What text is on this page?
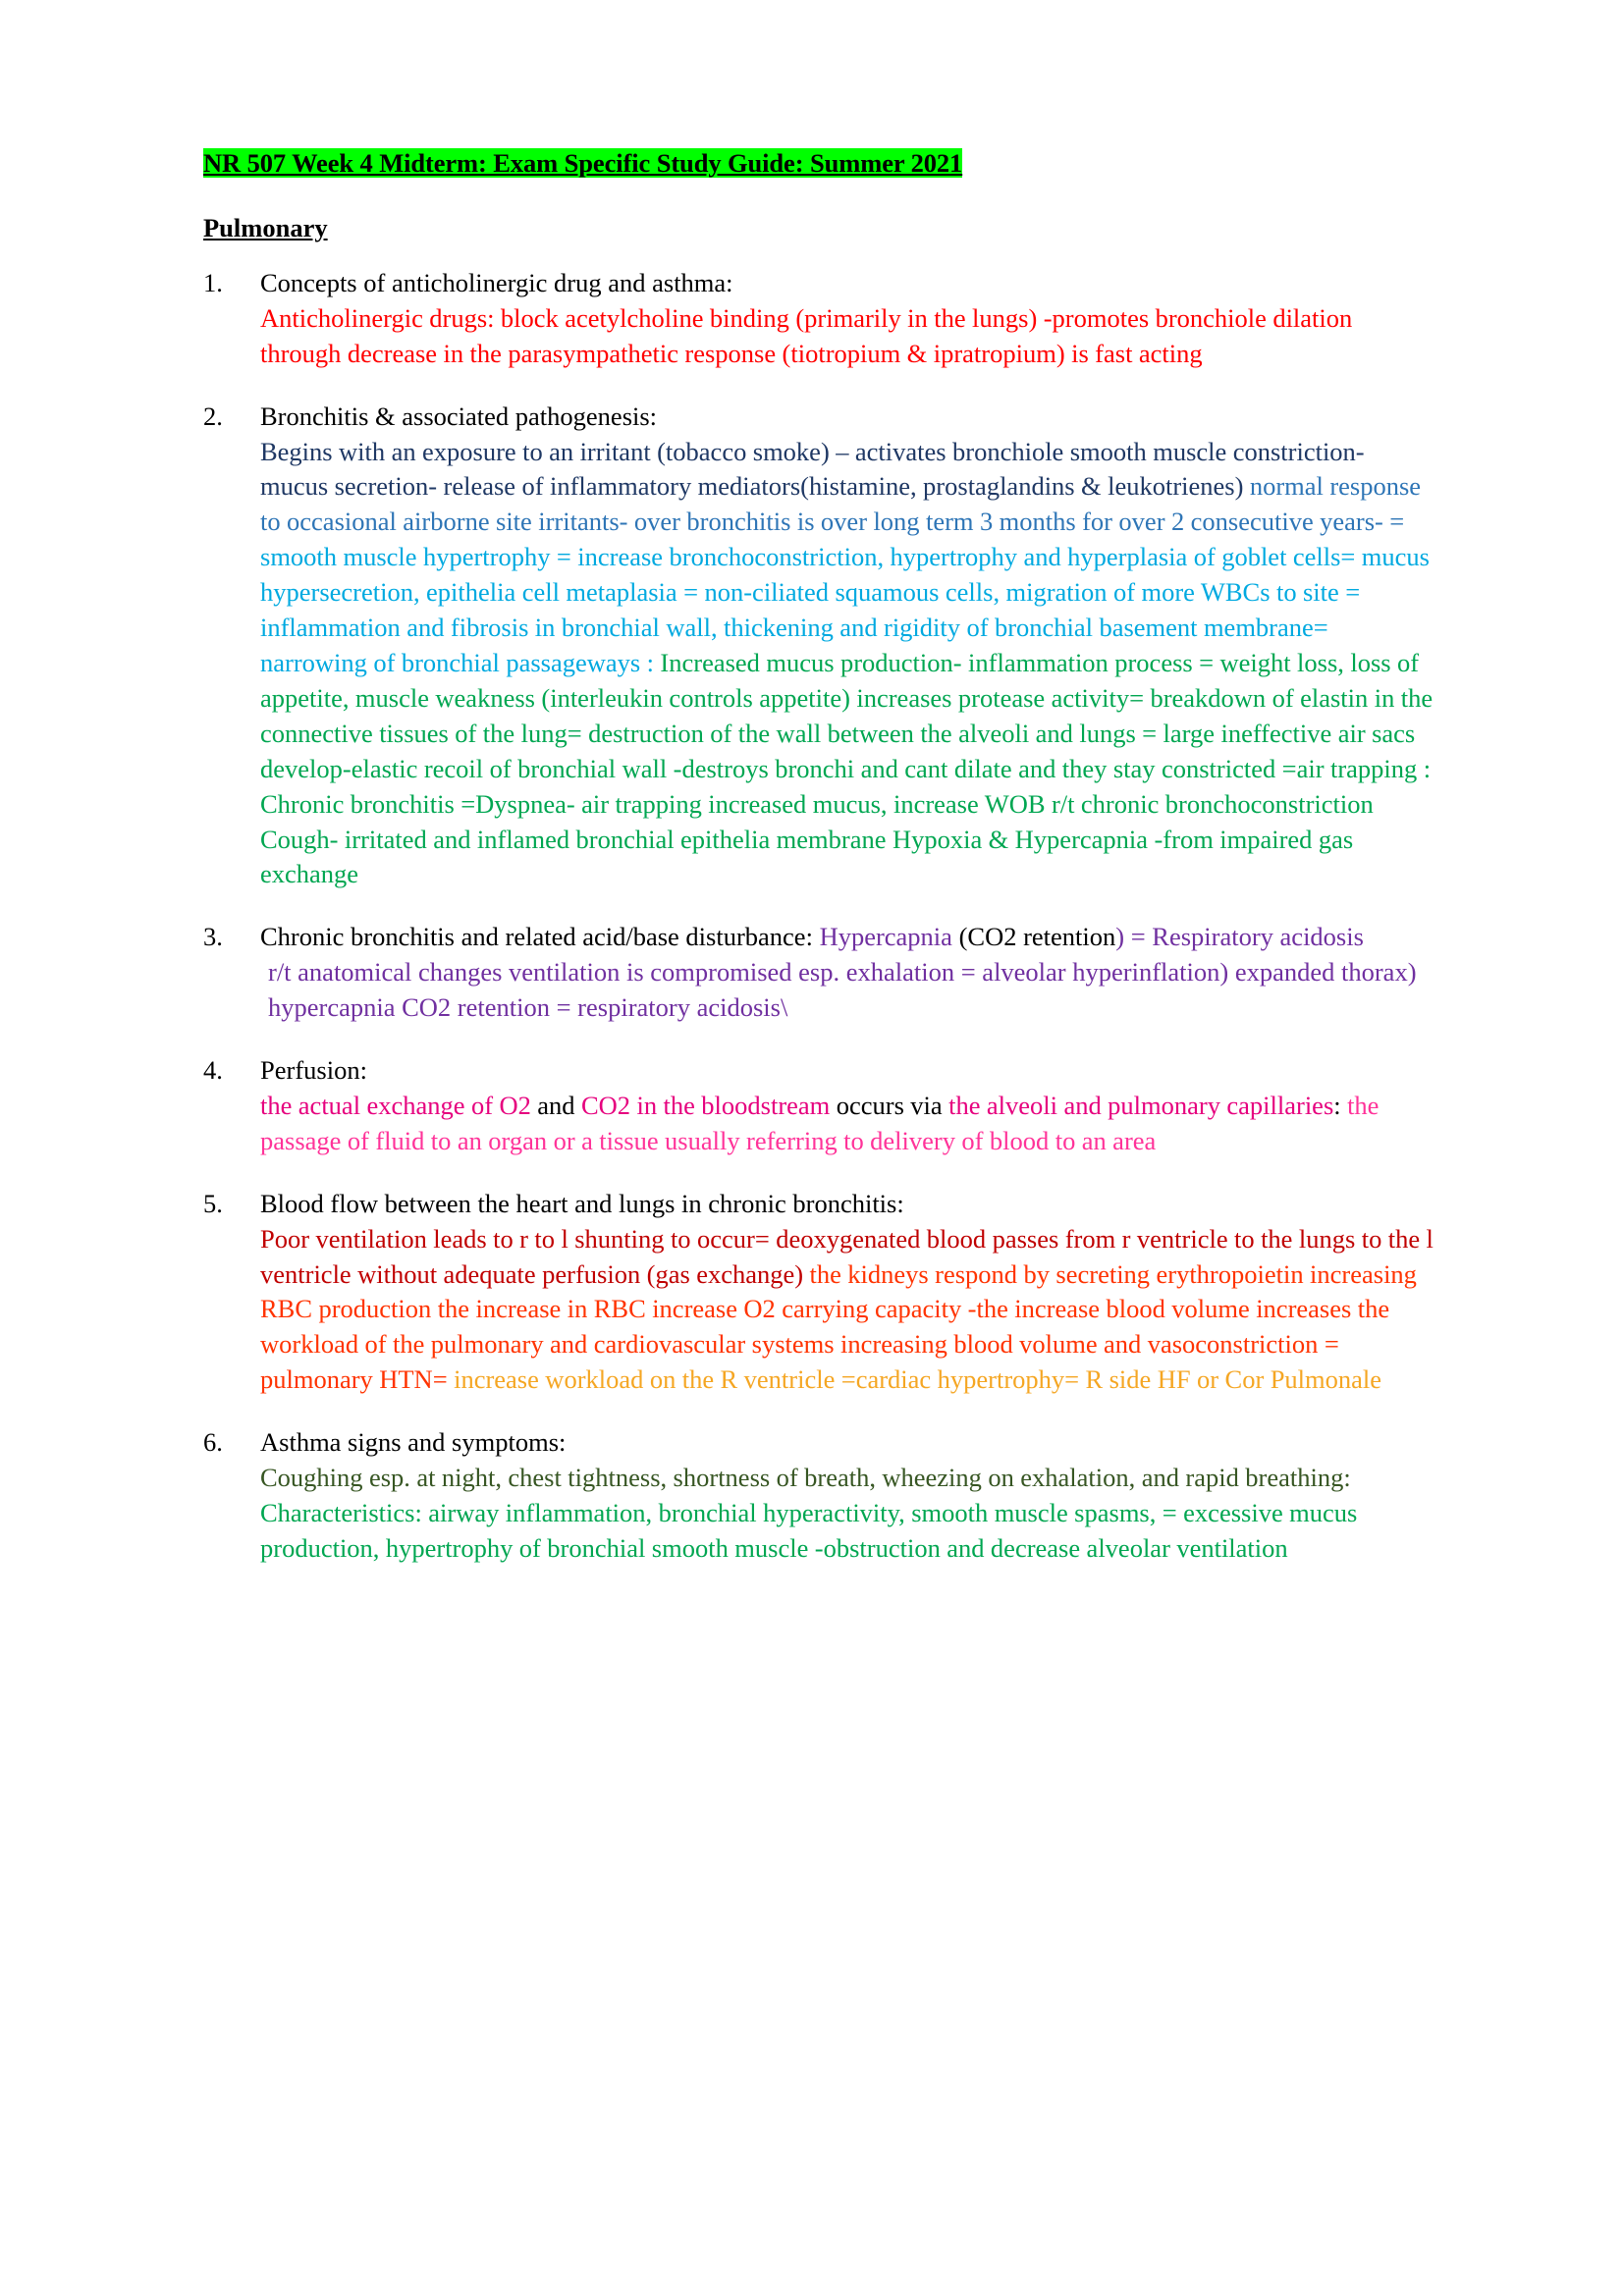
NR 507 Week 4 Midterm: Exam Specific Study Guide: Summer 2021
Pulmonary
Concepts of anticholinergic drug and asthma:
Anticholinergic drugs: block acetylcholine binding (primarily in the lungs) -promotes bronchiole dilation through decrease in the parasympathetic response (tiotropium & ipratropium) is fast acting
Bronchitis & associated pathogenesis:
Begins with an exposure to an irritant (tobacco smoke) – activates bronchiole smooth muscle constriction- mucus secretion- release of inflammatory mediators(histamine, prostaglandins & leukotrienes) normal response to occasional airborne site irritants- over bronchitis is over long term 3 months for over 2 consecutive years- = smooth muscle hypertrophy = increase bronchoconstriction, hypertrophy and hyperplasia of goblet cells= mucus hypersecretion, epithelia cell metaplasia = non-ciliated squamous cells, migration of more WBCs to site = inflammation and fibrosis in bronchial wall, thickening and rigidity of bronchial basement membrane= narrowing of bronchial passageways : Increased mucus production- inflammation process = weight loss, loss of appetite, muscle weakness (interleukin controls appetite) increases protease activity= breakdown of elastin in the connective tissues of the lung= destruction of the wall between the alveoli and lungs = large ineffective air sacs develop-elastic recoil of bronchial wall -destroys bronchi and cant dilate and they stay constricted =air trapping : Chronic bronchitis =Dyspnea- air trapping increased mucus, increase WOB r/t chronic bronchoconstriction Cough- irritated and inflamed bronchial epithelia membrane Hypoxia & Hypercapnia -from impaired gas exchange
Chronic bronchitis and related acid/base disturbance: Hypercapnia (CO2 retention) = Respiratory acidosis
r/t anatomical changes ventilation is compromised esp. exhalation = alveolar hyperinflation) expanded thorax) hypercapnia CO2 retention = respiratory acidosis\
Perfusion:
the actual exchange of O2 and CO2 in the bloodstream occurs via the alveoli and pulmonary capillaries: the passage of fluid to an organ or a tissue usually referring to delivery of blood to an area
Blood flow between the heart and lungs in chronic bronchitis:
Poor ventilation leads to r to l shunting to occur= deoxygenated blood passes from r ventricle to the lungs to the l ventricle without adequate perfusion (gas exchange) the kidneys respond by secreting erythropoietin increasing RBC production the increase in RBC increase O2 carrying capacity -the increase blood volume increases the workload of the pulmonary and cardiovascular systems increasing blood volume and vasoconstriction = pulmonary HTN= increase workload on the R ventricle =cardiac hypertrophy= R side HF or Cor Pulmonale
Asthma signs and symptoms:
Coughing esp. at night, chest tightness, shortness of breath, wheezing on exhalation, and rapid breathing: Characteristics: airway inflammation, bronchial hyperactivity, smooth muscle spasms, = excessive mucus production, hypertrophy of bronchial smooth muscle -obstruction and decrease alveolar ventilation
